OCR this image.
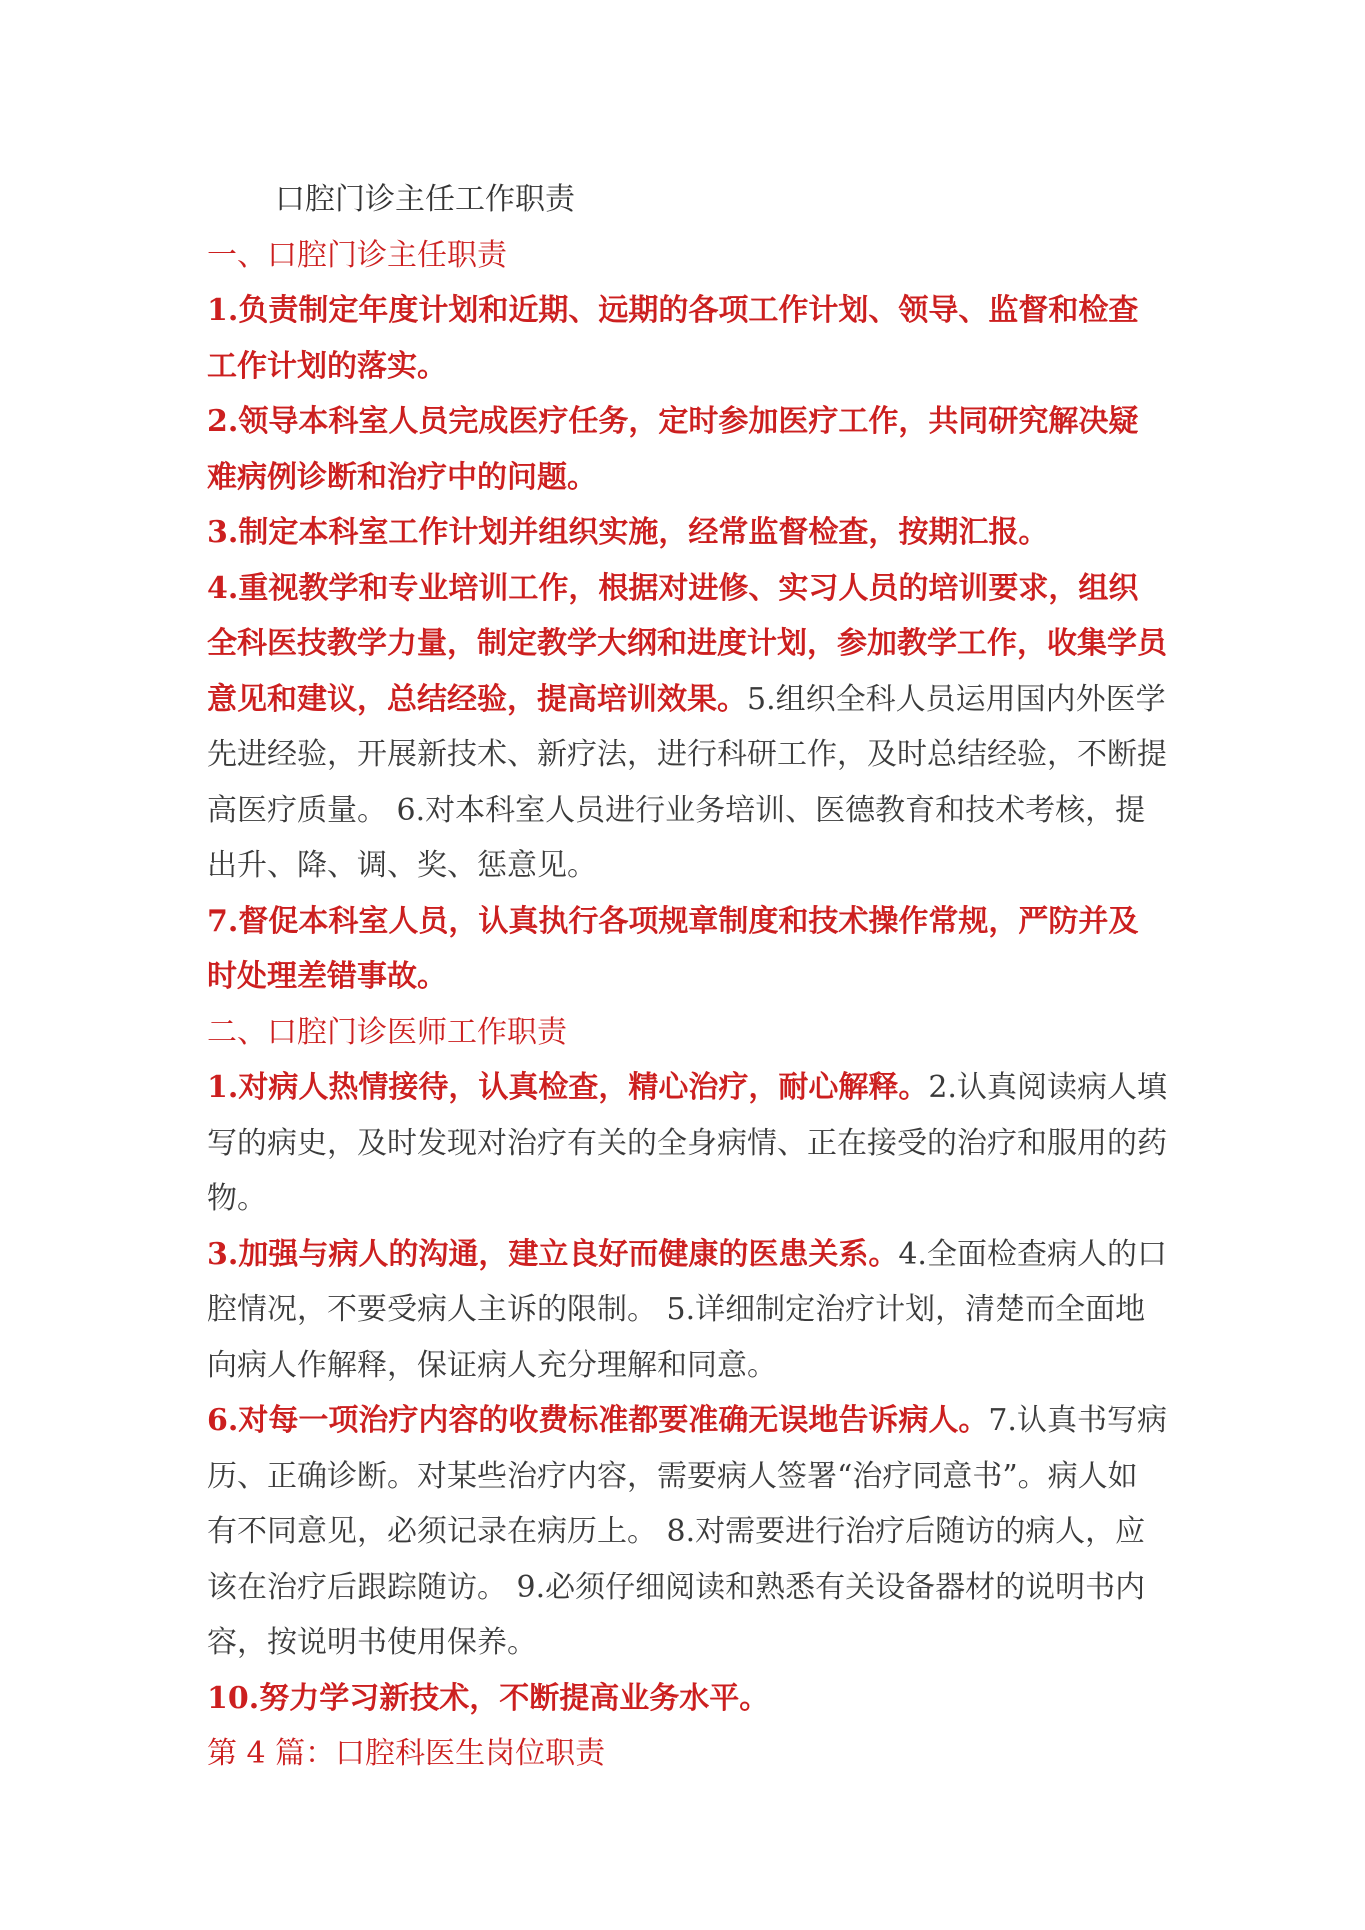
口腔门诊主任工作职责

一、口腔门诊主任职责

1.负责制定年度计划和近期、远期的各项工作计划、领导、监督和检查工作计划的落实。

2.领导本科室人员完成医疗任务，定时参加医疗工作，共同研究解决疑难病例诊断和治疗中的问题。

3.制定本科室工作计划并组织实施，经常监督检查，按期汇报。

4.重视教学和专业培训工作，根据对进修、实习人员的培训要求，组织全科医技教学力量，制定教学大纲和进度计划，参加教学工作，收集学员意见和建议，总结经验，提高培训效果。5.组织全科人员运用国内外医学先进经验，开展新技术、新疗法，进行科研工作，及时总结经验，不断提高医疗质量。 6.对本科室人员进行业务培训、医德教育和技术考核，提出升、降、调、奖、惩意见。

7.督促本科室人员，认真执行各项规章制度和技术操作常规，严防并及时处理差错事故。

二、口腔门诊医师工作职责

1.对病人热情接待，认真检查，精心治疗，耐心解释。2.认真阅读病人填写的病史，及时发现对治疗有关的全身病情、正在接受的治疗和服用的药物。

3.加强与病人的沟通，建立良好而健康的医患关系。4.全面检查病人的口腔情况，不要受病人主诉的限制。 5.详细制定治疗计划，清楚而全面地向病人作解释，保证病人充分理解和同意。

6.对每一项治疗内容的收费标准都要准确无误地告诉病人。7.认真书写病历、正确诊断。对某些治疗内容，需要病人签署“治疗同意书”。病人如有不同意见，必须记录在病历上。 8.对需要进行治疗后随访的病人，应该在治疗后跟踪随访。 9.必须仔细阅读和熟悉有关设备器材的说明书内容，按说明书使用保养。

10.努力学习新技术，不断提高业务水平。

第 4 篇：口腔科医生岗位职责
